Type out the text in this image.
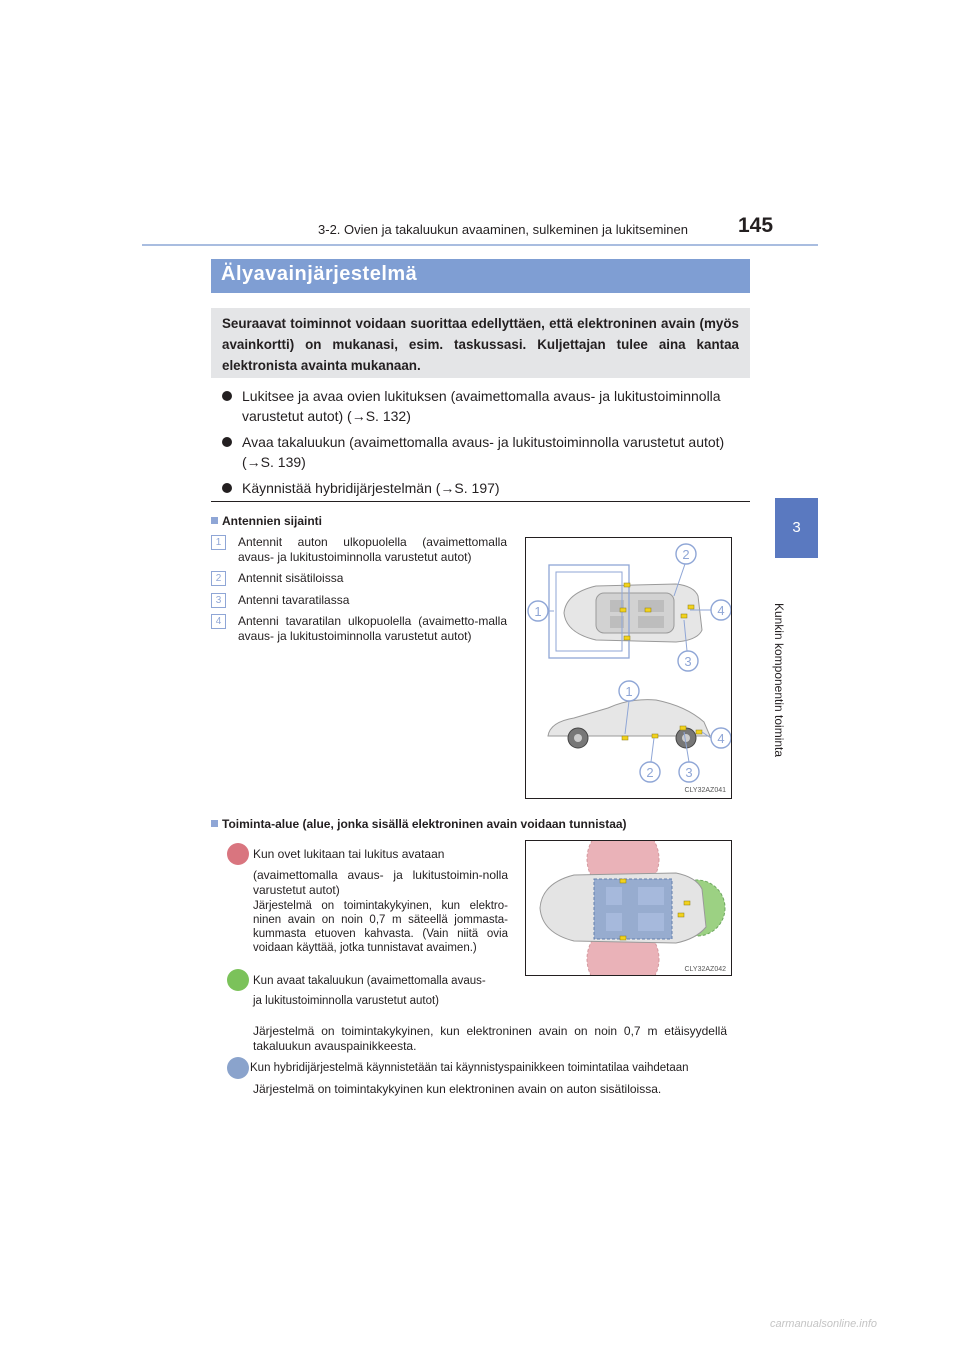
3-2. Ovien ja takaluukun avaaminen, sulkeminen ja lukitseminen 145
3
Kunkin komponentin toiminta
Älyavainjärjestelmä

Seuraavat toiminnot voidaan suorittaa edellyttäen, että elektroninen avain (myös avainkortti) on mukanasi, esim. taskussasi. Kuljettajan tulee aina kantaa elektronista avainta mukanaan.

Lukitsee ja avaa ovien lukituksen (avaimettomalla avaus- ja lukitustoiminnolla varustetut autot) (→S. 132)
Avaa takaluukun (avaimettomalla avaus- ja lukitustoiminnolla varustetut autot) (→S. 139)
Käynnistää hybridijärjestelmän (→S. 197)
Antennien sijainti
1	Antennit auton ulkopuolella (avaimettomalla avaus- ja lukitustoiminnolla varustetut autot)
2	Antennit sisätiloissa
3	Antenni tavaratilassa
4	Antenni tavaratilan ulkopuolella (avaimetto-malla avaus- ja lukitustoiminnolla varustetut autot)
1
2
3
4
1
2 3
4
CLY32AZ041
Toiminta-alue (alue, jonka sisällä elektroninen avain voidaan tunnistaa)
CLY32AZ042
Kun ovet lukitaan tai lukitus avataan
(avaimettomalla avaus- ja lukitustoimin-nolla varustetut autot)
Järjestelmä on toimintakykyinen, kun elektro-ninen avain on noin 0,7 m säteellä jommasta-kummasta etuoven kahvasta. (Vain niitä ovia voidaan käyttää, jotka tunnistavat avaimen.)
Kun avaat takaluukun (avaimettomalla avaus-
ja lukitustoiminnolla varustetut autot)
Järjestelmä on toimintakykyinen, kun elektroninen avain on noin 0,7 m etäisyydellä takaluukun avauspainikkeesta.
Kun hybridijärjestelmä käynnistetään tai käynnistyspainikkeen toimintatilaa vaihdetaan
Järjestelmä on toimintakykyinen kun elektroninen avain on auton sisätiloissa.
carmanualsonline.info
